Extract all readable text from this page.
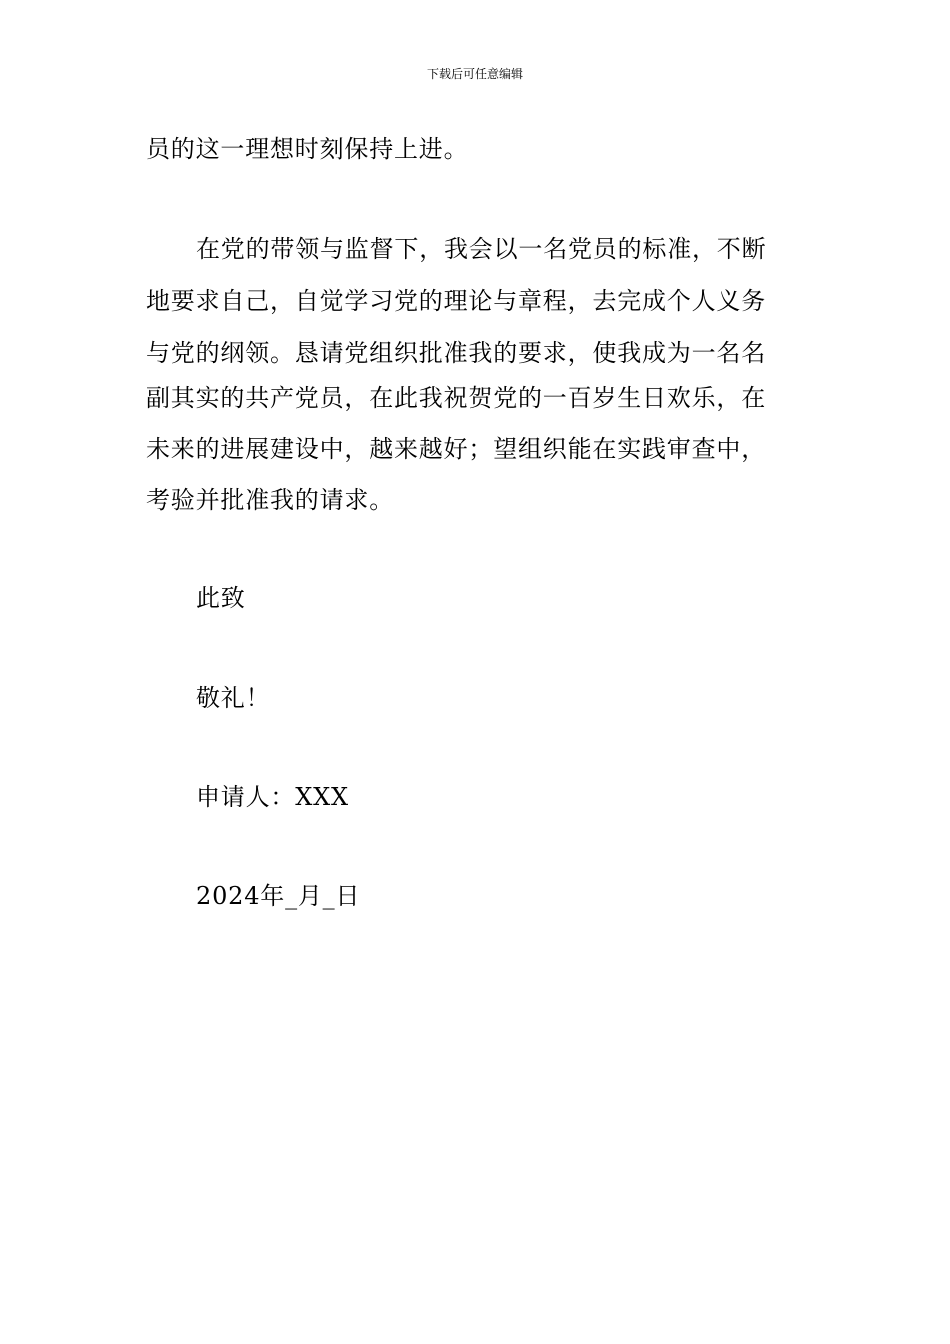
下载后可任意编辑
员的这一理想时刻保持上进。
在党的带领与监督下，我会以一名党员的标准，不断
地要求自己，自觉学习党的理论与章程，去完成个人义务
与党的纲领。恳请党组织批准我的要求，使我成为一名名
副其实的共产党员，在此我祝贺党的一百岁生日欢乐，在
未来的进展建设中，越来越好；望组织能在实践审查中，
考验并批准我的请求。
此致
敬礼！
申请人：XXX
2024年_月_日
